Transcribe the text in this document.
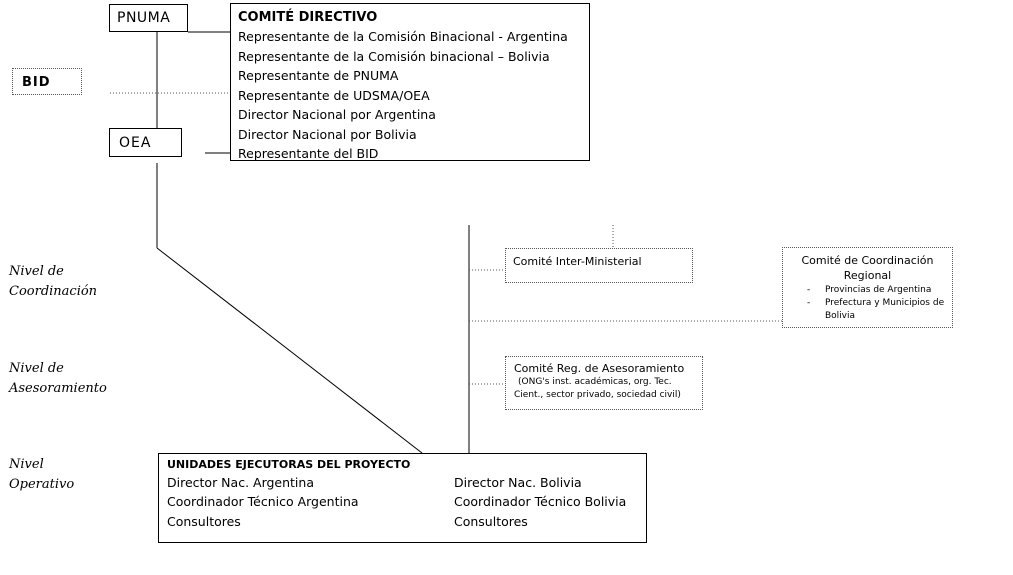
PNUMA
BID
OEA
COMITÉ DIRECTIVO
Representante de la Comisión Binacional - Argentina
Representante de la Comisión binacional – Bolivia
Representante de PNUMA
Representante de UDSMA/OEA
Director Nacional por Argentina
Director Nacional por Bolivia
Representante del BID
Nivel de
Coordinación
Nivel de
Asesoramiento
Nivel
Operativo
Comité Inter-Ministerial	Comité de Coordinación
Regional
- Provincias de Argentina
- Prefectura y Municipios de Bolivia
Comité Reg. de Asesoramiento
(ONG's inst. académicas, org. Tec.
Cient., sector privado, sociedad civil)
UNIDADES EJECUTORAS DEL PROYECTO
Director Nac. Argentina
Coordinador Técnico Argentina
Consultores
Director Nac. Bolivia
Coordinador Técnico Bolivia
Consultores
